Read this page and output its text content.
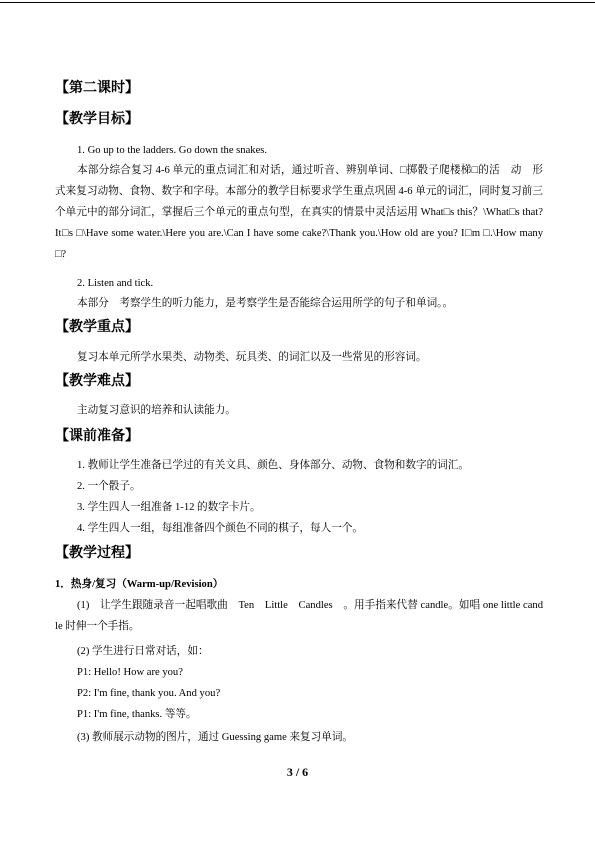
【第二课时】
【教学目标】
1. Go up to the ladders. Go down the snakes.
本部分综合复习 4-6 单元的重点词汇和对话，通过听音、辨别单词、□掷骰子爬楼梯□的活　动　形式来复习动物、食物、数字和字母。本部分的教学目标要求学生重点巩固 4-6 单元的词汇，同时复习前三个单元中的部分词汇，掌握后三个单元的重点句型，在真实的情景中灵活运用 What□s this？\What□s that? It□s □\Have some water.\Here you are.\Can I have some cake?\Thank you.\How old are you? I□m □.\How many□?
2. Listen and tick.
本部分　考察学生的听力能力，是考察学生是否能综合运用所学的句子和单词。。
【教学重点】
复习本单元所学水果类、动物类、玩具类、的词汇以及一些常见的形容词。
【教学难点】
主动复习意识的培养和认读能力。
【课前准备】
1. 教师让学生准备已学过的有关文具、颜色、身体部分、动物、食物和数字的词汇。
2. 一个骰子。
3. 学生四人一组准备 1-12 的数字卡片。
4. 学生四人一组，每组准备四个颜色不同的棋子，每人一个。
【教学过程】
1．热身/复习（Warm-up/Revision）
(1)　让学生跟随录音一起唱歌曲　Ten　Little　Candles　。用手指来代替 candle。如唱 one little candle 时伸一个手指。
(2) 学生进行日常对话，如：
P1: Hello! How are you?
P2: I'm fine, thank you. And you?
P1: I'm fine, thanks. 等等。
(3) 教师展示动物的图片，通过 Guessing game 来复习单词。
3 / 6
